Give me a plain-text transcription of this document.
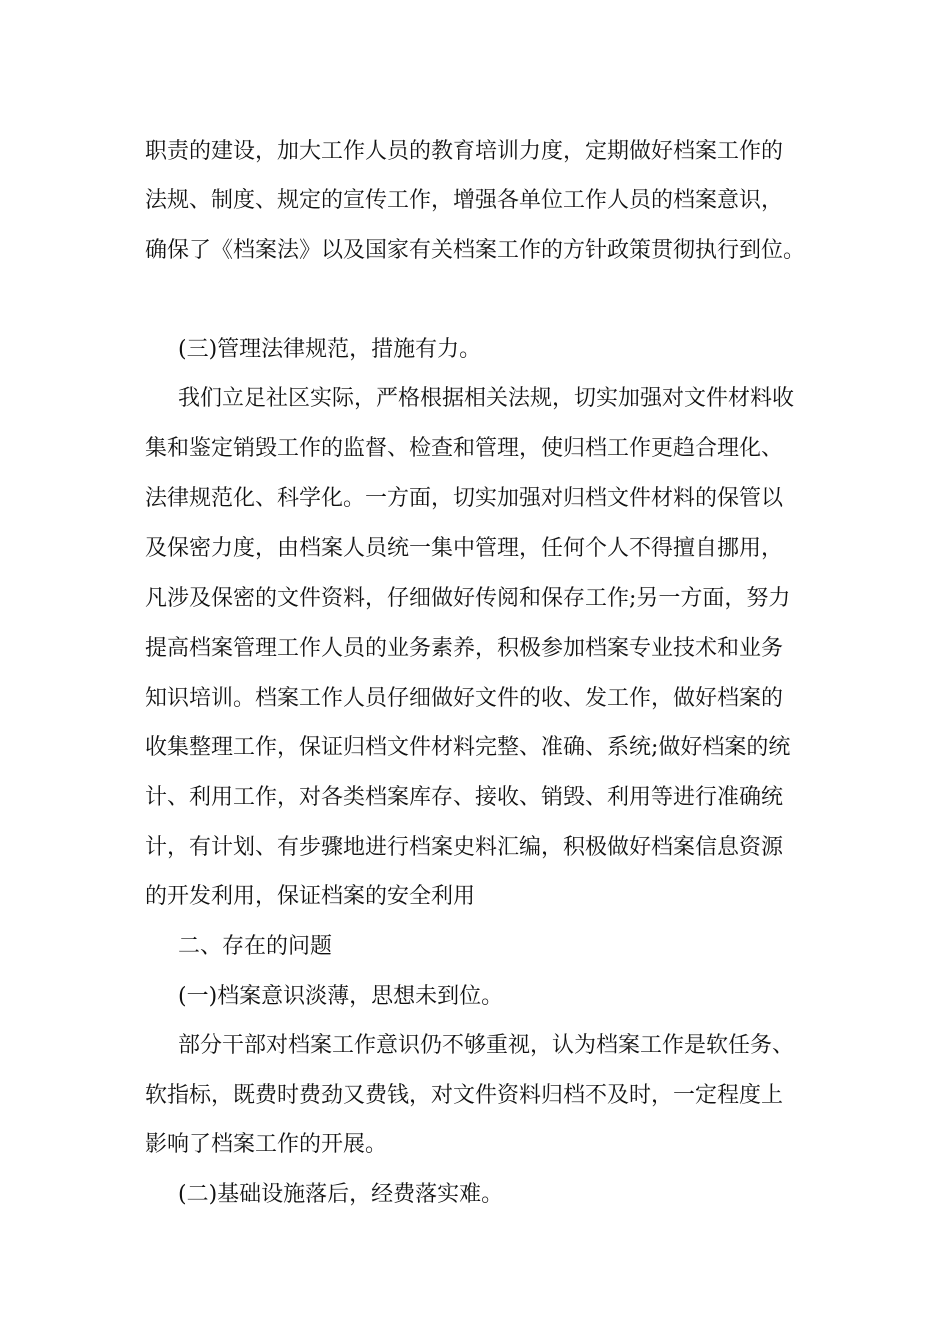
职责的建设，加大工作人员的教育培训力度，定期做好档案工作的
法规、制度、规定的宣传工作，增强各单位工作人员的档案意识，
确保了《档案法》以及国家有关档案工作的方针政策贯彻执行到位。
(三)管理法律规范，措施有力。
我们立足社区实际，严格根据相关法规，切实加强对文件材料收
集和鉴定销毁工作的监督、检查和管理，使归档工作更趋合理化、
法律规范化、科学化。一方面，切实加强对归档文件材料的保管以
及保密力度，由档案人员统一集中管理，任何个人不得擅自挪用，
凡涉及保密的文件资料，仔细做好传阅和保存工作;另一方面，努力
提高档案管理工作人员的业务素养，积极参加档案专业技术和业务
知识培训。档案工作人员仔细做好文件的收、发工作，做好档案的
收集整理工作，保证归档文件材料完整、准确、系统;做好档案的统
计、利用工作，对各类档案库存、接收、销毁、利用等进行准确统
计，有计划、有步骤地进行档案史料汇编，积极做好档案信息资源
的开发利用，保证档案的安全利用
二、存在的问题
(一)档案意识淡薄，思想未到位。
部分干部对档案工作意识仍不够重视，认为档案工作是软任务、
软指标，既费时费劲又费钱，对文件资料归档不及时，一定程度上
影响了档案工作的开展。
(二)基础设施落后，经费落实难。
